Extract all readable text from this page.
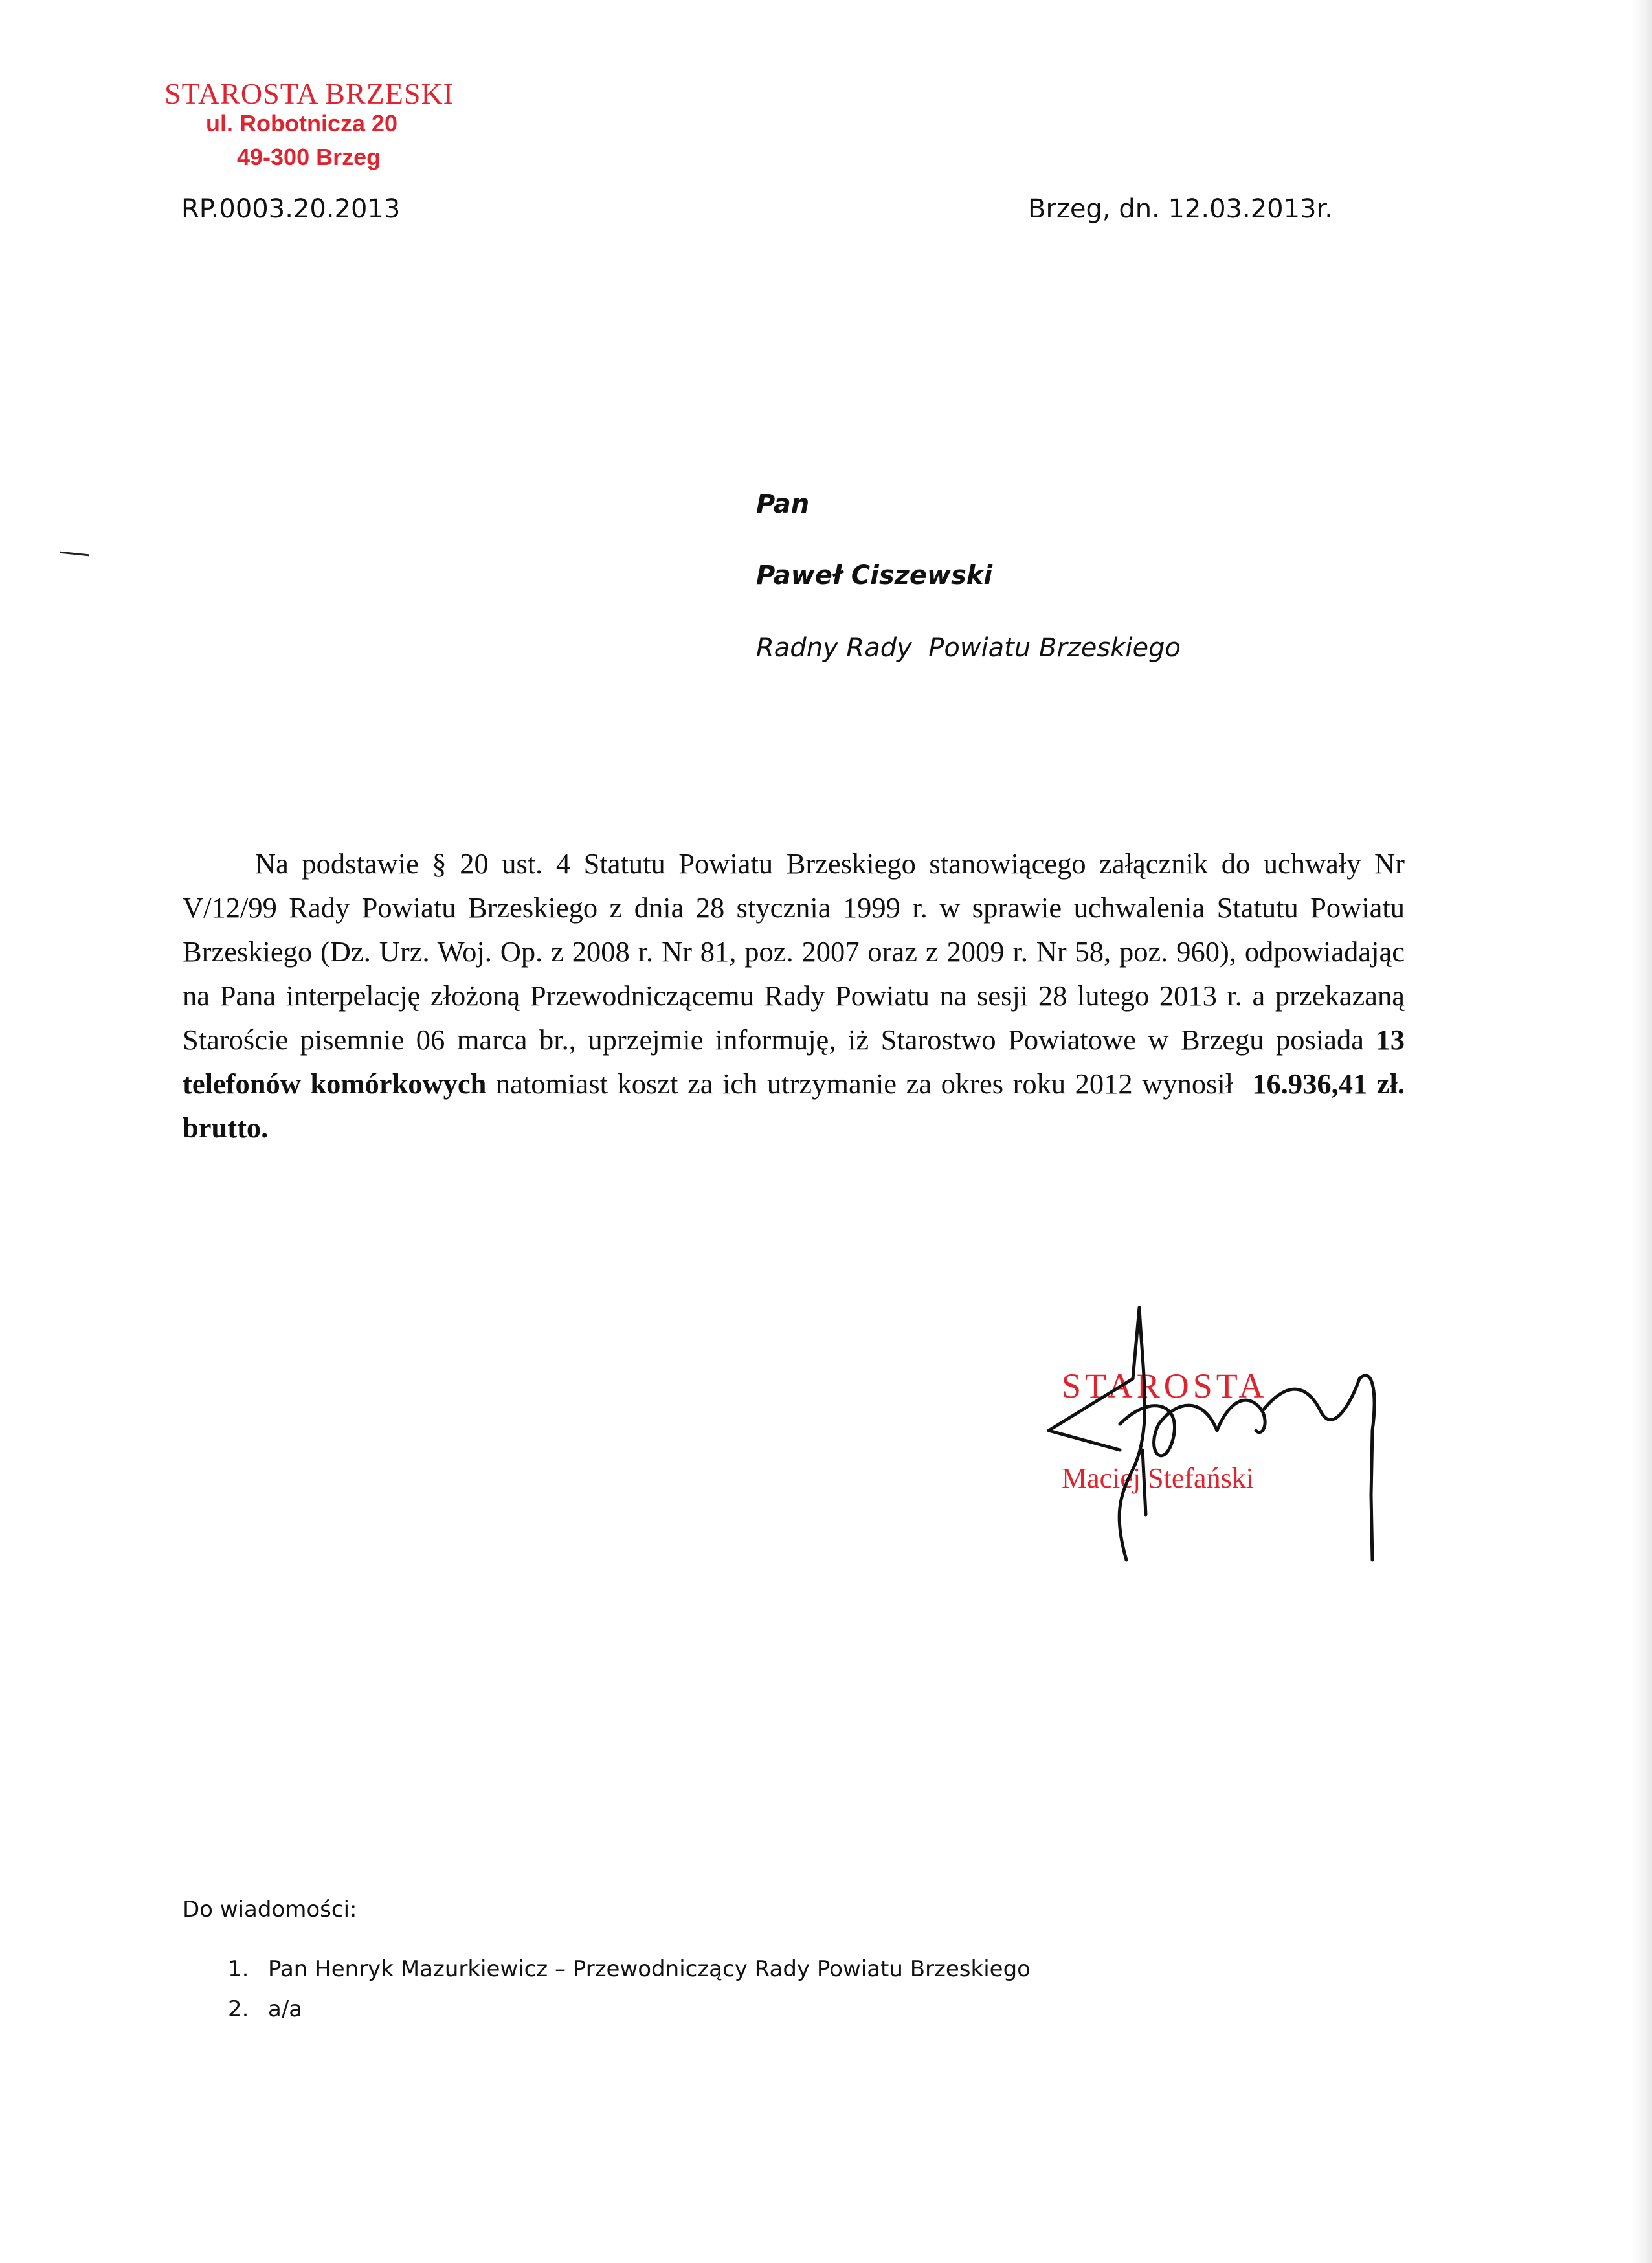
STAROSTA BRZESKI
ul. Robotnicza 20
49-300 Brzeg
RP.0003.20.2013	Brzeg, dn. 12.03.2013r.
Pan
Paweł Ciszewski
Radny Rady  Powiatu Brzeskiego
Na podstawie § 20 ust. 4 Statutu Powiatu Brzeskiego stanowiącego załącznik do uchwały Nr V/12/99 Rady Powiatu Brzeskiego z dnia 28 stycznia 1999 r. w sprawie uchwalenia Statutu Powiatu Brzeskiego (Dz. Urz. Woj. Op. z 2008 r. Nr 81, poz. 2007 oraz z 2009 r. Nr 58, poz. 960), odpowiadając na Pana interpelację złożoną Przewodniczącemu Rady Powiatu na sesji 28 lutego 2013 r. a przekazaną Staroście pisemnie 06 marca br., uprzejmie informuję, iż Starostwo Powiatowe w Brzegu posiada 13 telefonów komórkowych natomiast koszt za ich utrzymanie za okres roku 2012 wynosił  16.936,41 zł. brutto.
STAROSTA
Maciej Stefański
Do wiadomości:
1. Pan Henryk Mazurkiewicz – Przewodniczący Rady Powiatu Brzeskiego
2. a/a
